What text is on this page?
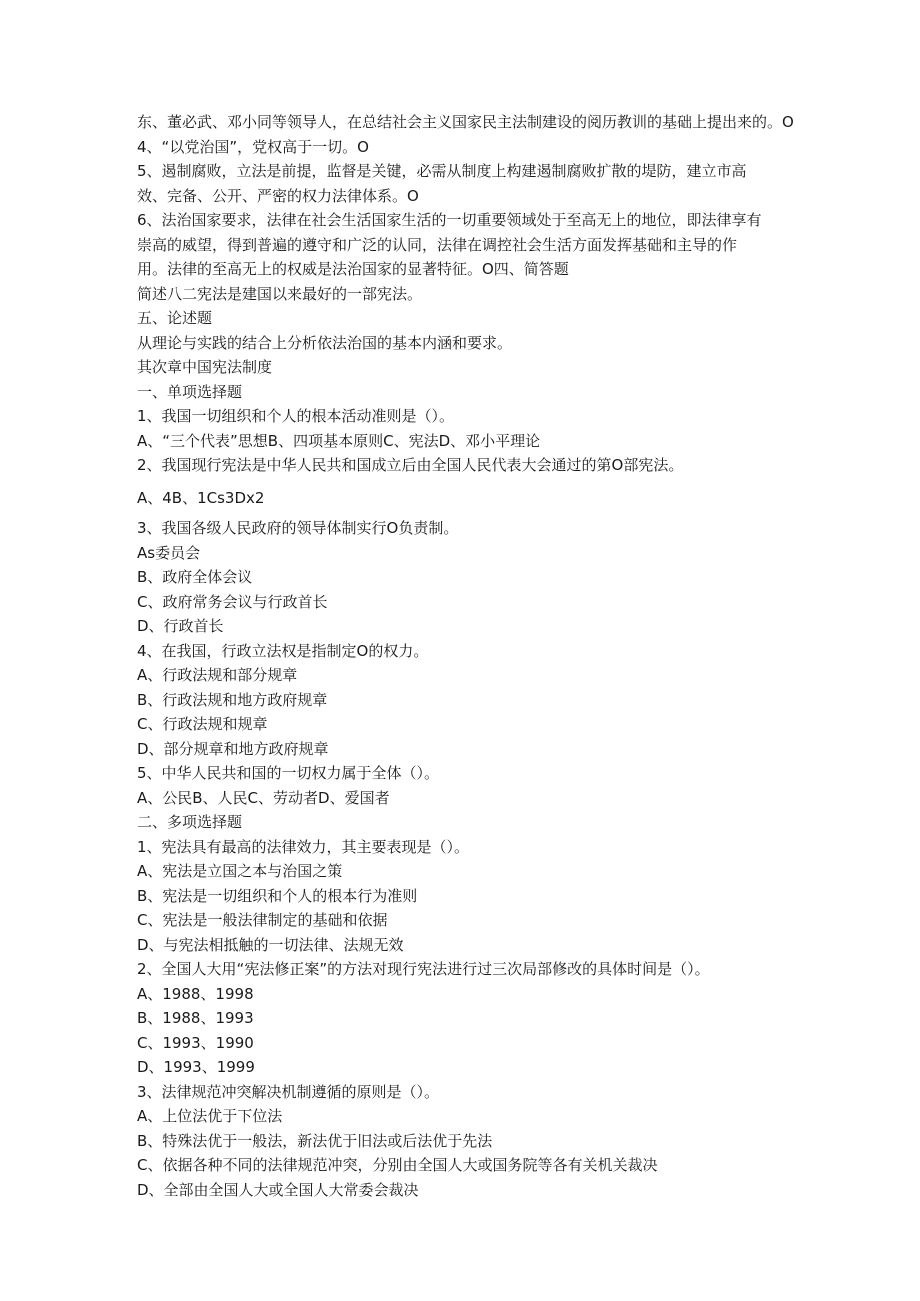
东、董必武、邓小同等领导人，在总结社会主义国家民主法制建设的阅历教训的基础上提出来的。O
4、“以党治国”，党权高于一切。O
5、遏制腐败，立法是前提，监督是关键，必需从制度上构建遏制腐败扩散的堤防，建立市高
效、完备、公开、严密的权力法律体系。O
6、法治国家要求，法律在社会生活国家生活的一切重要领域处于至高无上的地位，即法律享有
崇高的威望，得到普遍的遵守和广泛的认同，法律在调控社会生活方面发挥基础和主导的作
用。法律的至高无上的权威是法治国家的显著特征。O四、简答题
简述八二宪法是建国以来最好的一部宪法。
五、论述题
从理论与实践的结合上分析依法治国的基本内涵和要求。
其次章中国宪法制度
一、单项选择题
1、我国一切组织和个人的根本活动准则是（）。
A、“三个代表”思想B、四项基本原则C、宪法D、邓小平理论
2、我国现行宪法是中华人民共和国成立后由全国人民代表大会通过的第O部宪法。
A、4B、1Cs3Dx2
3、我国各级人民政府的领导体制实行O负责制。
As委员会
B、政府全体会议
C、政府常务会议与行政首长
D、行政首长
4、在我国，行政立法权是指制定O的权力。
A、行政法规和部分规章
B、行政法规和地方政府规章
C、行政法规和规章
D、部分规章和地方政府规章
5、中华人民共和国的一切权力属于全体（）。
A、公民B、人民C、劳动者D、爱国者
二、多项选择题
1、宪法具有最高的法律效力，其主要表现是（）。
A、宪法是立国之本与治国之策
B、宪法是一切组织和个人的根本行为准则
C、宪法是一般法律制定的基础和依据
D、与宪法相抵触的一切法律、法规无效
2、全国人大用“宪法修正案”的方法对现行宪法进行过三次局部修改的具体时间是（）。
A、1988、1998
B、1988、1993
C、1993、1990
D、1993、1999
3、法律规范冲突解决机制遵循的原则是（）。
A、上位法优于下位法
B、特殊法优于一般法，新法优于旧法或后法优于先法
C、依据各种不同的法律规范冲突，分别由全国人大或国务院等各有关机关裁决
D、全部由全国人大或全国人大常委会裁决
